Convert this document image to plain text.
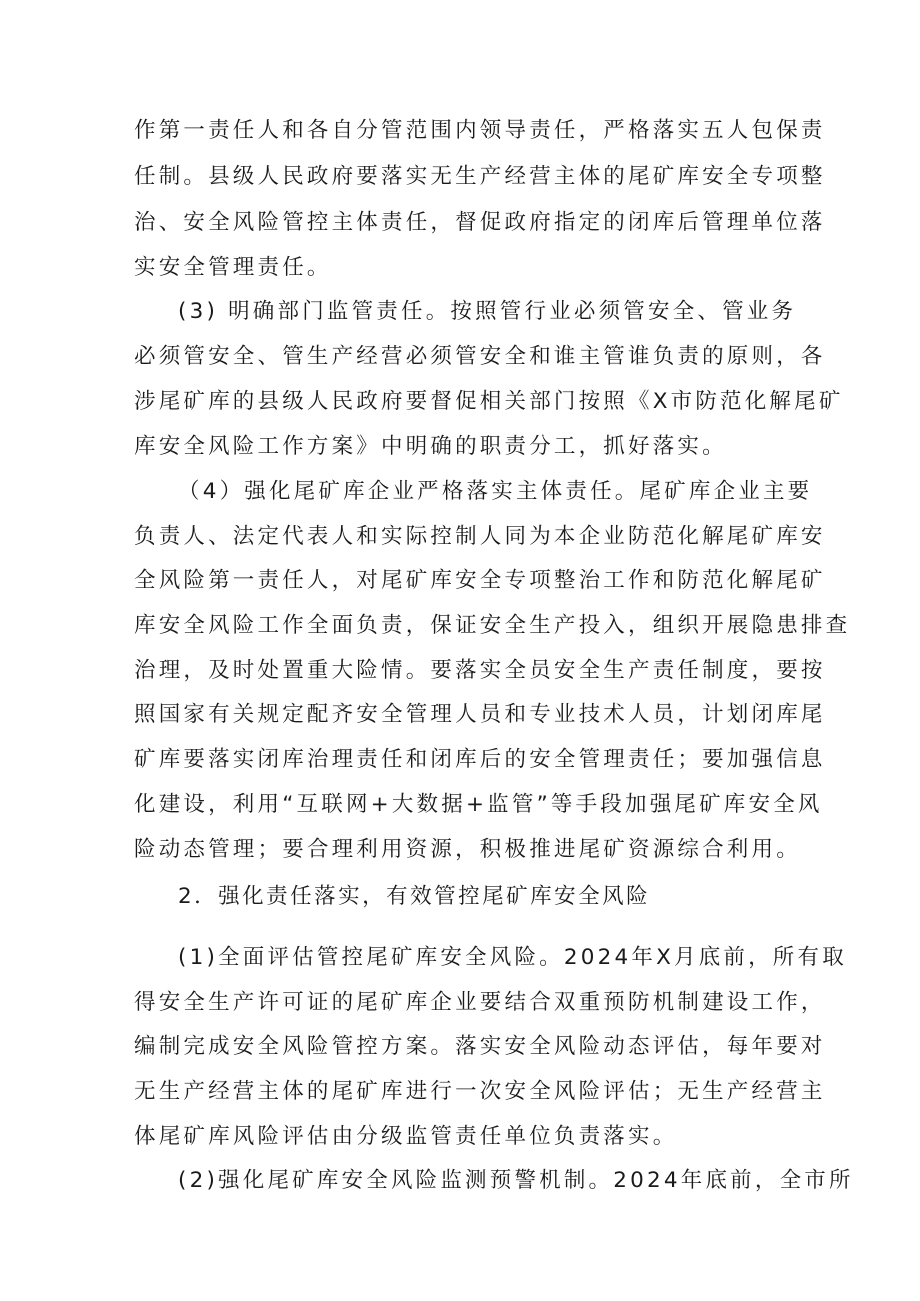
作第一责任人和各自分管范围内领导责任，严格落实五人包保责
任制。县级人民政府要落实无生产经营主体的尾矿库安全专项整
治、安全风险管控主体责任，督促政府指定的闭库后管理单位落
实安全管理责任。
(3) 明确部门监管责任。按照管行业必须管安全、管业务
必须管安全、管生产经营必须管安全和谁主管谁负责的原则，各
涉尾矿库的县级人民政府要督促相关部门按照《X市防范化解尾矿
库安全风险工作方案》中明确的职责分工，抓好落实。
（4）强化尾矿库企业严格落实主体责任。尾矿库企业主要
负责人、法定代表人和实际控制人同为本企业防范化解尾矿库安
全风险第一责任人，对尾矿库安全专项整治工作和防范化解尾矿
库安全风险工作全面负责，保证安全生产投入，组织开展隐患排查
治理，及时处置重大险情。要落实全员安全生产责任制度，要按
照国家有关规定配齐安全管理人员和专业技术人员，计划闭库尾
矿库要落实闭库治理责任和闭库后的安全管理责任；要加强信息
化建设，利用“互联网+大数据+监管”等手段加强尾矿库安全风
险动态管理；要合理利用资源，积极推进尾矿资源综合利用。
2．强化责任落实，有效管控尾矿库安全风险
(1)全面评估管控尾矿库安全风险。2024年X月底前，所有取
得安全生产许可证的尾矿库企业要结合双重预防机制建设工作，
编制完成安全风险管控方案。落实安全风险动态评估，每年要对
无生产经营主体的尾矿库进行一次安全风险评估；无生产经营主
体尾矿库风险评估由分级监管责任单位负责落实。
(2)强化尾矿库安全风险监测预警机制。2024年底前，全市所
